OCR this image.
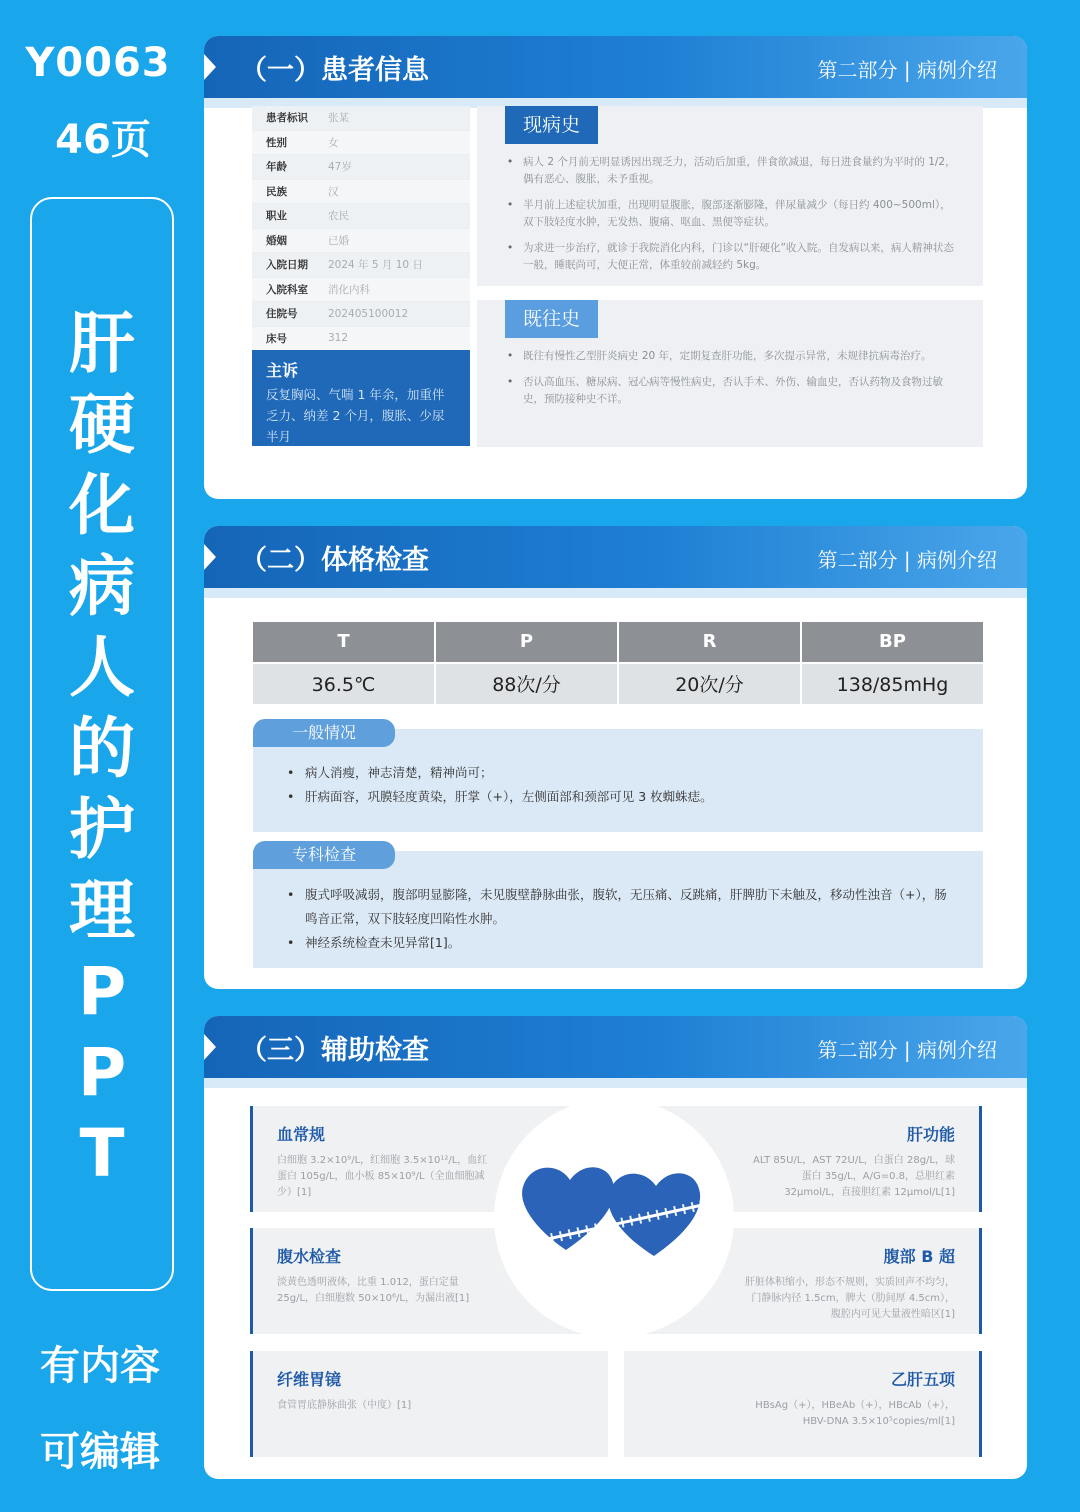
Y0063
46页
肝
硬
化
病
人
的
护
理
P
P
T
有内容
可编辑
（一）患者信息	第二部分 | 病例介绍
患者标识	张某
性别	女
年龄	47岁
民族	汉
职业	农民
婚姻	已婚
入院日期	2024 年 5 月 10 日
入院科室	消化内科
住院号	202405100012
床号	312
主诉
反复胸闷、气喘 1 年余，加重伴乏力、纳差 2 个月，腹胀、少尿半月
现病史
• 病人 2 个月前无明显诱因出现乏力，活动后加重，伴食欲减退，每日进食量约为平时的 1/2，偶有恶心、腹胀，未予重视。
• 半月前上述症状加重，出现明显腹胀，腹部逐渐膨隆，伴尿量减少（每日约 400~500ml），双下肢轻度水肿，无发热、腹痛、呕血、黑便等症状。
• 为求进一步治疗，就诊于我院消化内科，门诊以“肝硬化”收入院。自发病以来，病人精神状态一般，睡眠尚可，大便正常，体重较前减轻约 5kg。
既往史
• 既往有慢性乙型肝炎病史 20 年，定期复查肝功能，多次提示异常，未规律抗病毒治疗。
• 否认高血压、糖尿病、冠心病等慢性病史，否认手术、外伤、输血史，否认药物及食物过敏史，预防接种史不详。
（二）体格检查	第二部分 | 病例介绍
T	P	R	BP
36.5℃	88次/分	20次/分	138/85mHg
一般情况
• 病人消瘦，神志清楚，精神尚可；
• 肝病面容，巩膜轻度黄染，肝掌（+），左侧面部和颈部可见 3 枚蜘蛛痣。
专科检查
• 腹式呼吸减弱，腹部明显膨隆，未见腹壁静脉曲张，腹软，无压痛、反跳痛，肝脾肋下未触及，移动性浊音（+），肠鸣音正常，双下肢轻度凹陷性水肿。
• 神经系统检查未见异常[1]。
（三）辅助检查	第二部分 | 病例介绍
血常规
白细胞 3.2×10⁹/L，红细胞 3.5×10¹²/L，血红蛋白 105g/L，血小板 85×10⁹/L（全血细胞减少）[1]
肝功能
ALT 85U/L，AST 72U/L，白蛋白 28g/L，球蛋白 35g/L，A/G=0.8，总胆红素 32μmol/L，直接胆红素 12μmol/L[1]
腹水检查
淡黄色透明液体，比重 1.012，蛋白定量 25g/L，白细胞数 50×10⁶/L，为漏出液[1]
腹部 B 超
肝脏体积缩小，形态不规则，实质回声不均匀，门静脉内径 1.5cm，脾大（肋间厚 4.5cm），腹腔内可见大量液性暗区[1]
纤维胃镜
食管胃底静脉曲张（中度）[1]
乙肝五项
HBsAg（+），HBeAb（+），HBcAb（+），HBV-DNA 3.5×10⁵copies/ml[1]
